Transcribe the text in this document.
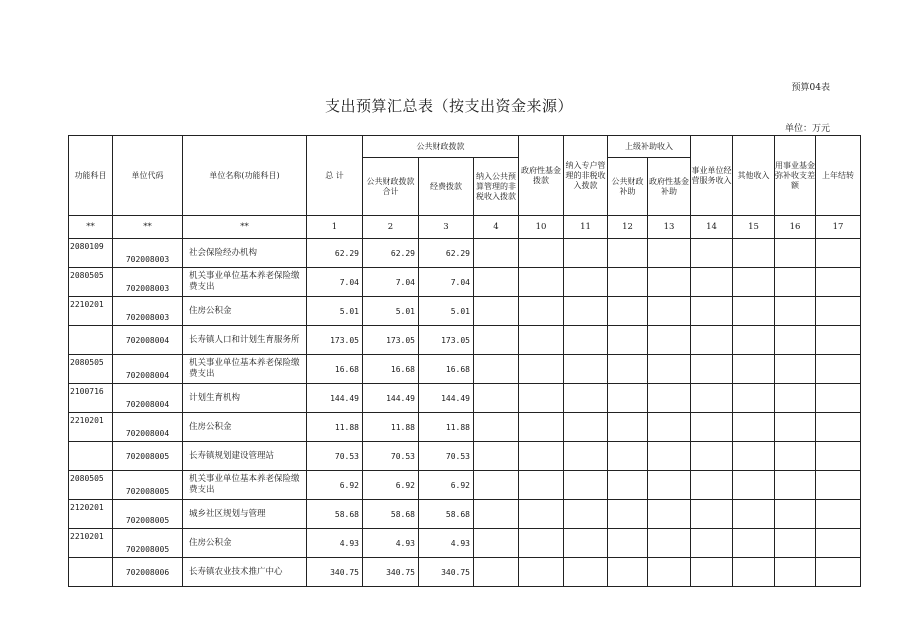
预算04表
支出预算汇总表（按支出资金来源）
单位：万元
功能科目	单位代码	单位名称(功能科目)	总 计	公共财政拨款			政府性基金拨款	纳入专户管理的非税收入拨款	上级补助收入		事业单位经营服务收入	其他收入	用事业基金弥补收支差额	上年结转
				公共财政拨款合计	经费拨款	纳入公共预算管理的非税收入拨款			公共财政补助	政府性基金补助				
**	**	**	1	2	3	4	10	11	12	13	14	15	16	17
2080109	702008003	社会保险经办机构	62.29	62.29	62.29									
2080505	702008003	机关事业单位基本养老保险缴费支出	7.04	7.04	7.04									
2210201	702008003	住房公积金	5.01	5.01	5.01									
	702008004	长寿镇人口和计划生育服务所	173.05	173.05	173.05									
2080505	702008004	机关事业单位基本养老保险缴费支出	16.68	16.68	16.68									
2100716	702008004	计划生育机构	144.49	144.49	144.49									
2210201	702008004	住房公积金	11.88	11.88	11.88									
	702008005	长寿镇规划建设管理站	70.53	70.53	70.53									
2080505	702008005	机关事业单位基本养老保险缴费支出	6.92	6.92	6.92									
2120201	702008005	城乡社区规划与管理	58.68	58.68	58.68									
2210201	702008005	住房公积金	4.93	4.93	4.93									
	702008006	长寿镇农业技术推广中心	340.75	340.75	340.75									
